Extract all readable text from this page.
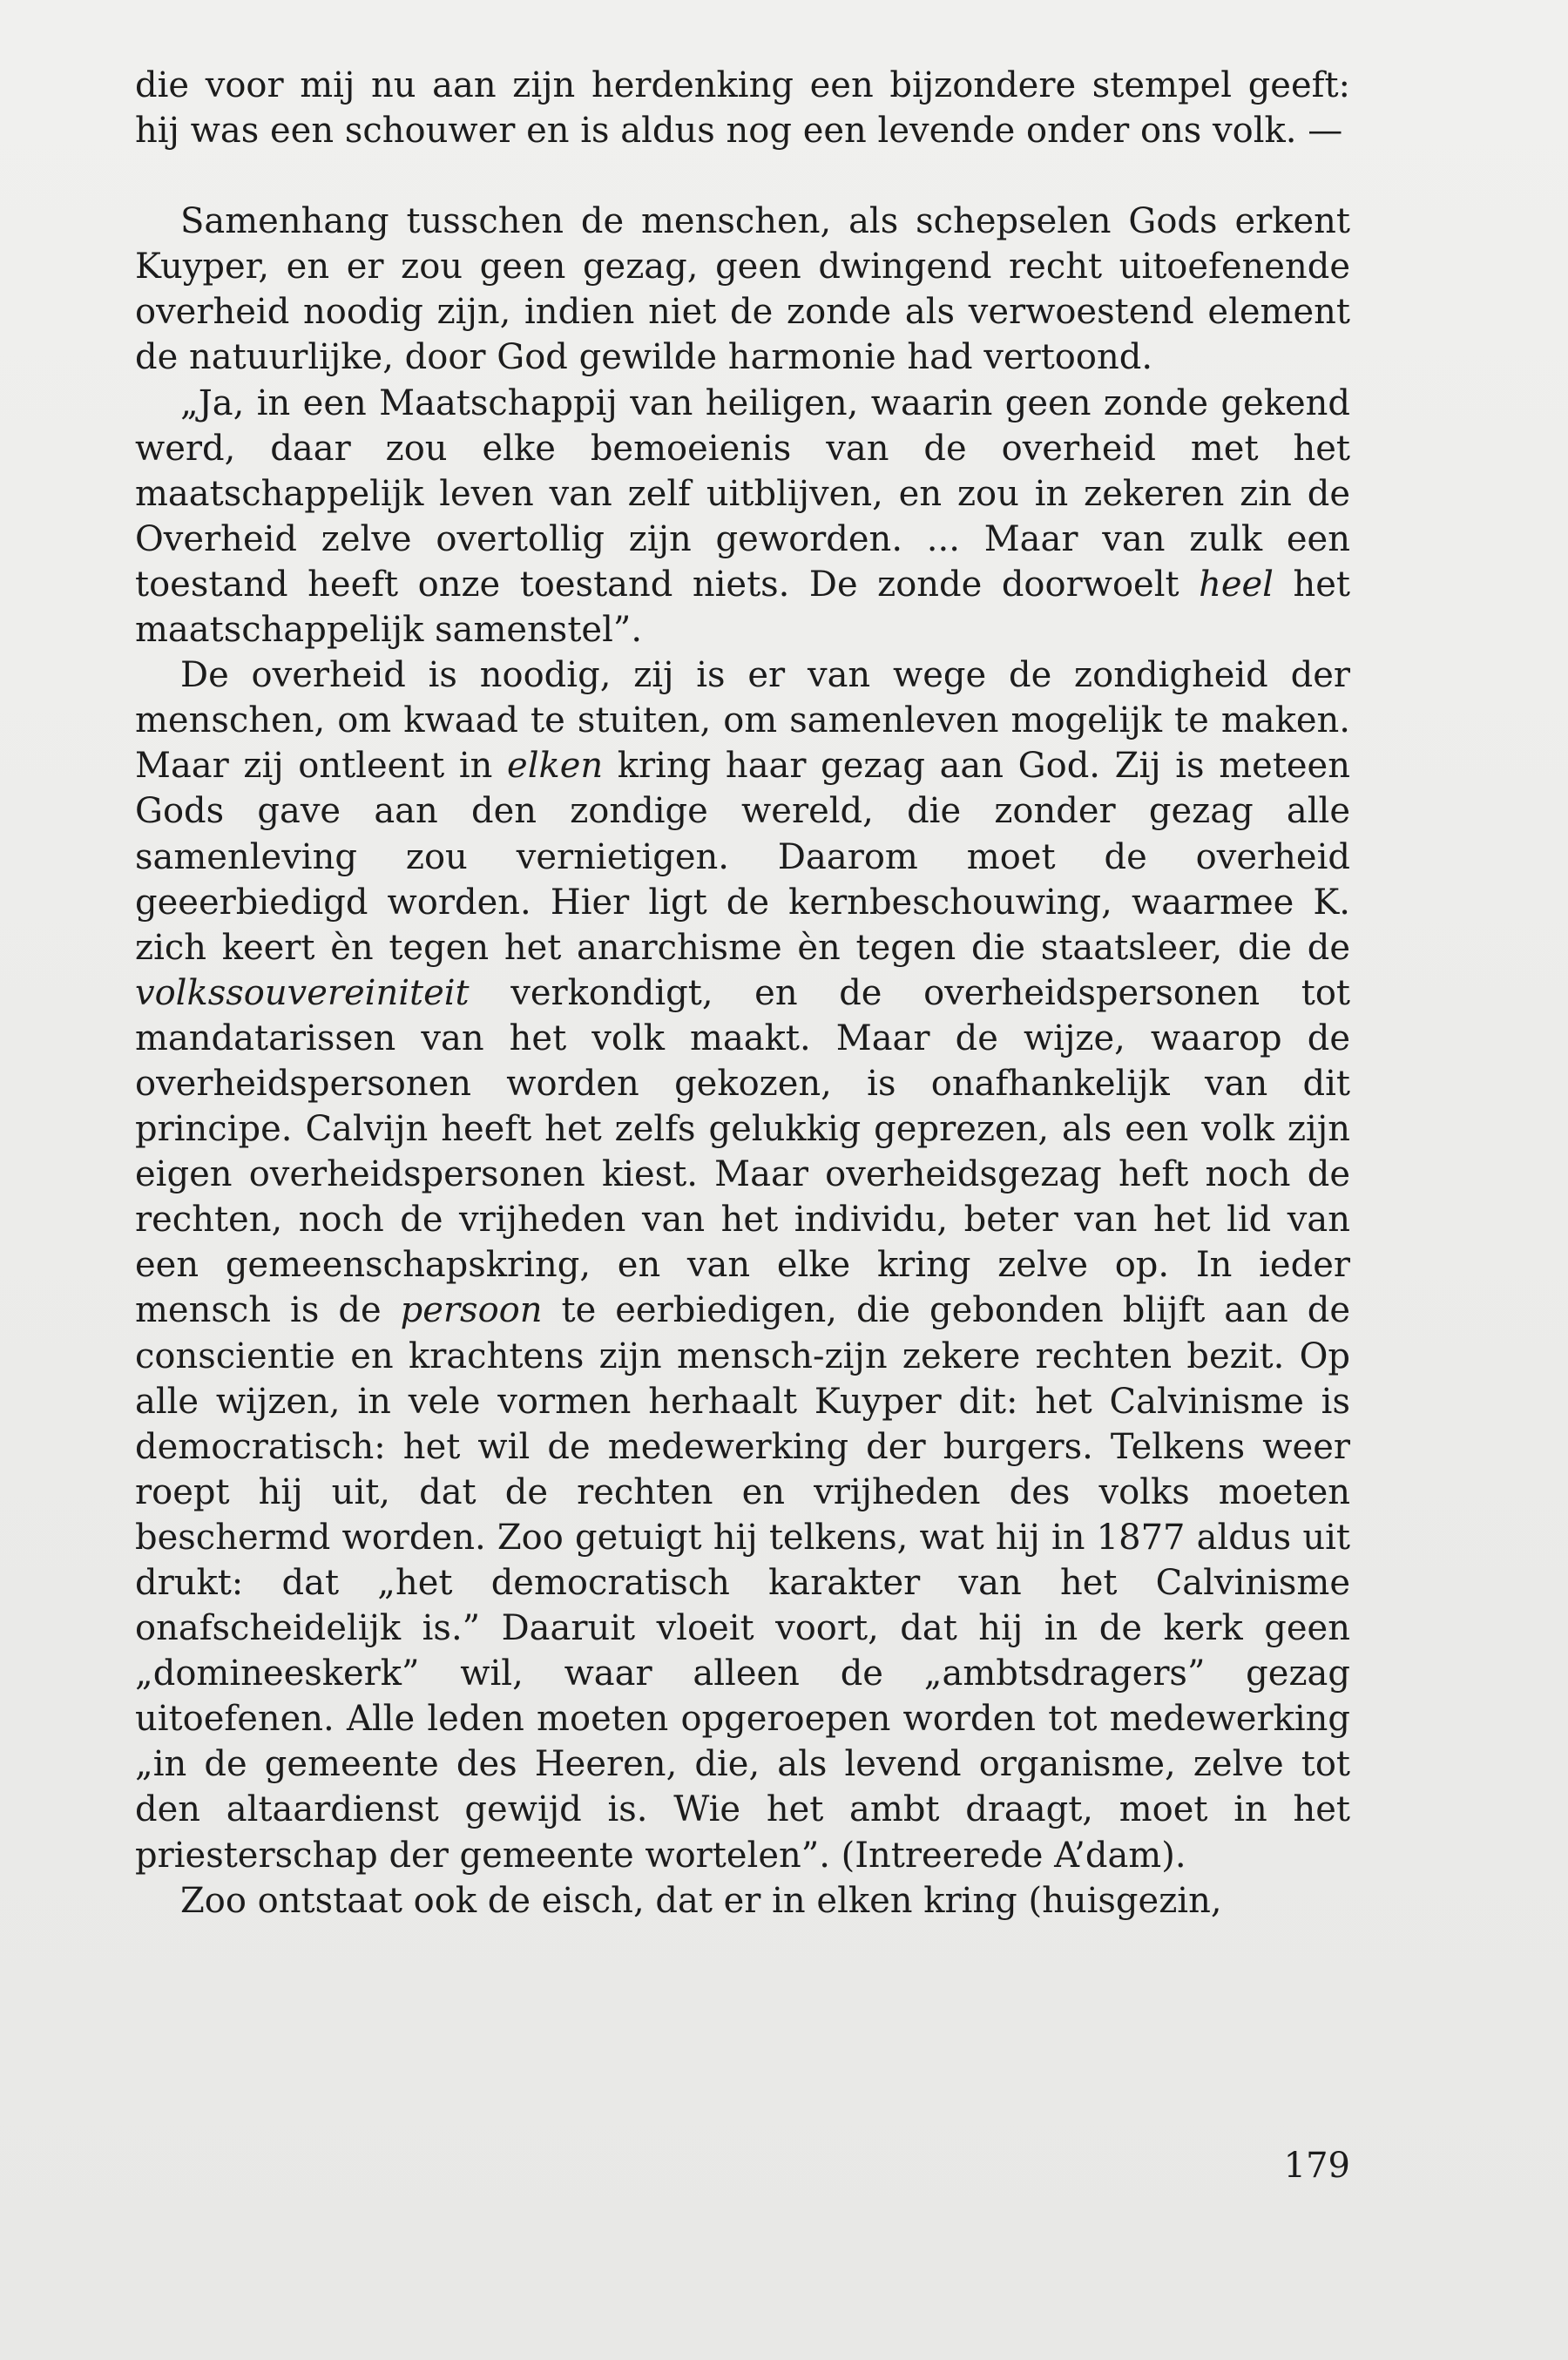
die voor mij nu aan zijn herdenking een bijzondere stempel geeft: hij was een schouwer en is aldus nog een levende onder ons volk. —

Samenhang tusschen de menschen, als schepselen Gods erkent Kuyper, en er zou geen gezag, geen dwingend recht uitoefenende overheid noodig zijn, indien niet de zonde als verwoestend element de natuurlijke, door God gewilde harmonie had vertoond.

„Ja, in een Maatschappij van heiligen, waarin geen zonde gekend werd, daar zou elke bemoeienis van de overheid met het maatschappelijk leven van zelf uitblijven, en zou in zekeren zin de Overheid zelve overtollig zijn geworden. ... Maar van zulk een toestand heeft onze toestand niets. De zonde doorwoelt heel het maatschappelijk samenstel”.

De overheid is noodig, zij is er van wege de zondigheid der menschen, om kwaad te stuiten, om samenleven mogelijk te maken. Maar zij ontleent in elken kring haar gezag aan God. Zij is meteen Gods gave aan den zondige wereld, die zonder gezag alle samenleving zou vernietigen. Daarom moet de overheid geeerbiedigd worden. Hier ligt de kernbeschouwing, waarmee K. zich keert èn tegen het anarchisme èn tegen die staatsleer, die de volkssouvereiniteit verkondigt, en de overheidspersonen tot mandatarissen van het volk maakt. Maar de wijze, waarop de overheidspersonen worden gekozen, is onafhankelijk van dit principe. Calvijn heeft het zelfs gelukkig geprezen, als een volk zijn eigen overheidspersonen kiest. Maar overheidsgezag heft noch de rechten, noch de vrijheden van het individu, beter van het lid van een gemeenschapskring, en van elke kring zelve op. In ieder mensch is de persoon te eerbiedigen, die gebonden blijft aan de conscientie en krachtens zijn mensch-zijn zekere rechten bezit. Op alle wijzen, in vele vormen herhaalt Kuyper dit: het Calvinisme is democratisch: het wil de medewerking der burgers. Telkens weer roept hij uit, dat de rechten en vrijheden des volks moeten beschermd worden. Zoo getuigt hij telkens, wat hij in 1877 aldus uit drukt: dat „het democratisch karakter van het Calvinisme onafscheidelijk is.” Daaruit vloeit voort, dat hij in de kerk geen „domineeskerk” wil, waar alleen de „ambtsdragers” gezag uitoefenen. Alle leden moeten opgeroepen worden tot medewerking „in de gemeente des Heeren, die, als levend organisme, zelve tot den altaardienst gewijd is. Wie het ambt draagt, moet in het priesterschap der gemeente wortelen”. (Intreerede A’dam).

Zoo ontstaat ook de eisch, dat er in elken kring (huisgezin,

179
